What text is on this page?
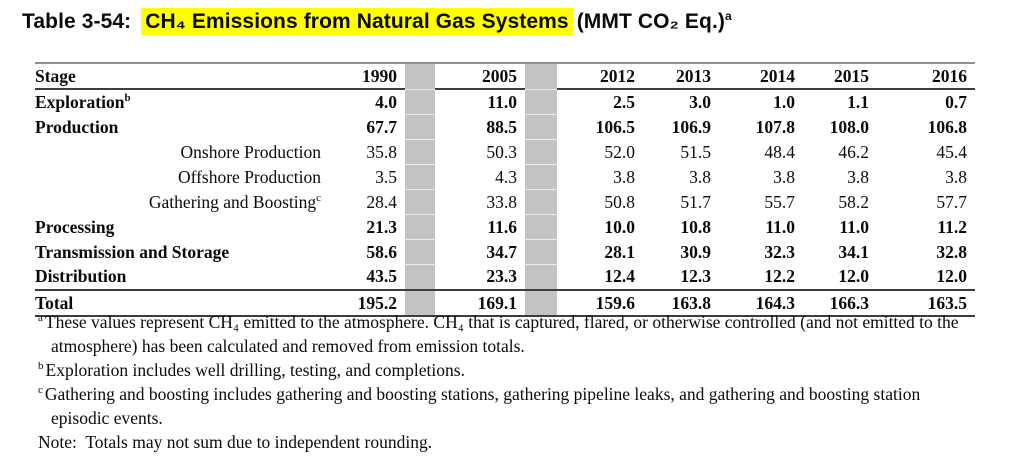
Table 3-54: CH₄ Emissions from Natural Gas Systems (MMT CO₂ Eq.)$^a$
Stage	1990		2005		2012	2013	2014	2015	2016
Exploration$^b$	4.0		11.0		2.5	3.0	1.0	1.1	0.7
Production	67.7		88.5		106.5	106.9	107.8	108.0	106.8
Onshore Production	35.8		50.3		52.0	51.5	48.4	46.2	45.4
Offshore Production	3.5		4.3		3.8	3.8	3.8	3.8	3.8
Gathering and Boosting$^c$	28.4		33.8		50.8	51.7	55.7	58.2	57.7
Processing	21.3		11.6		10.0	10.8	11.0	11.0	11.2
Transmission and Storage	58.6		34.7		28.1	30.9	32.3	34.1	32.8
Distribution	43.5		23.3		12.4	12.3	12.2	12.0	12.0
Total	195.2		169.1		159.6	163.8	164.3	166.3	163.5

$^a$ These values represent CH₄ emitted to the atmosphere. CH₄ that is captured, flared, or otherwise controlled (and not emitted to the atmosphere) has been calculated and removed from emission totals.

$^b$ Exploration includes well drilling, testing, and completions.

$^c$ Gathering and boosting includes gathering and boosting stations, gathering pipeline leaks, and gathering and boosting station episodic events.

Note:  Totals may not sum due to independent rounding.
